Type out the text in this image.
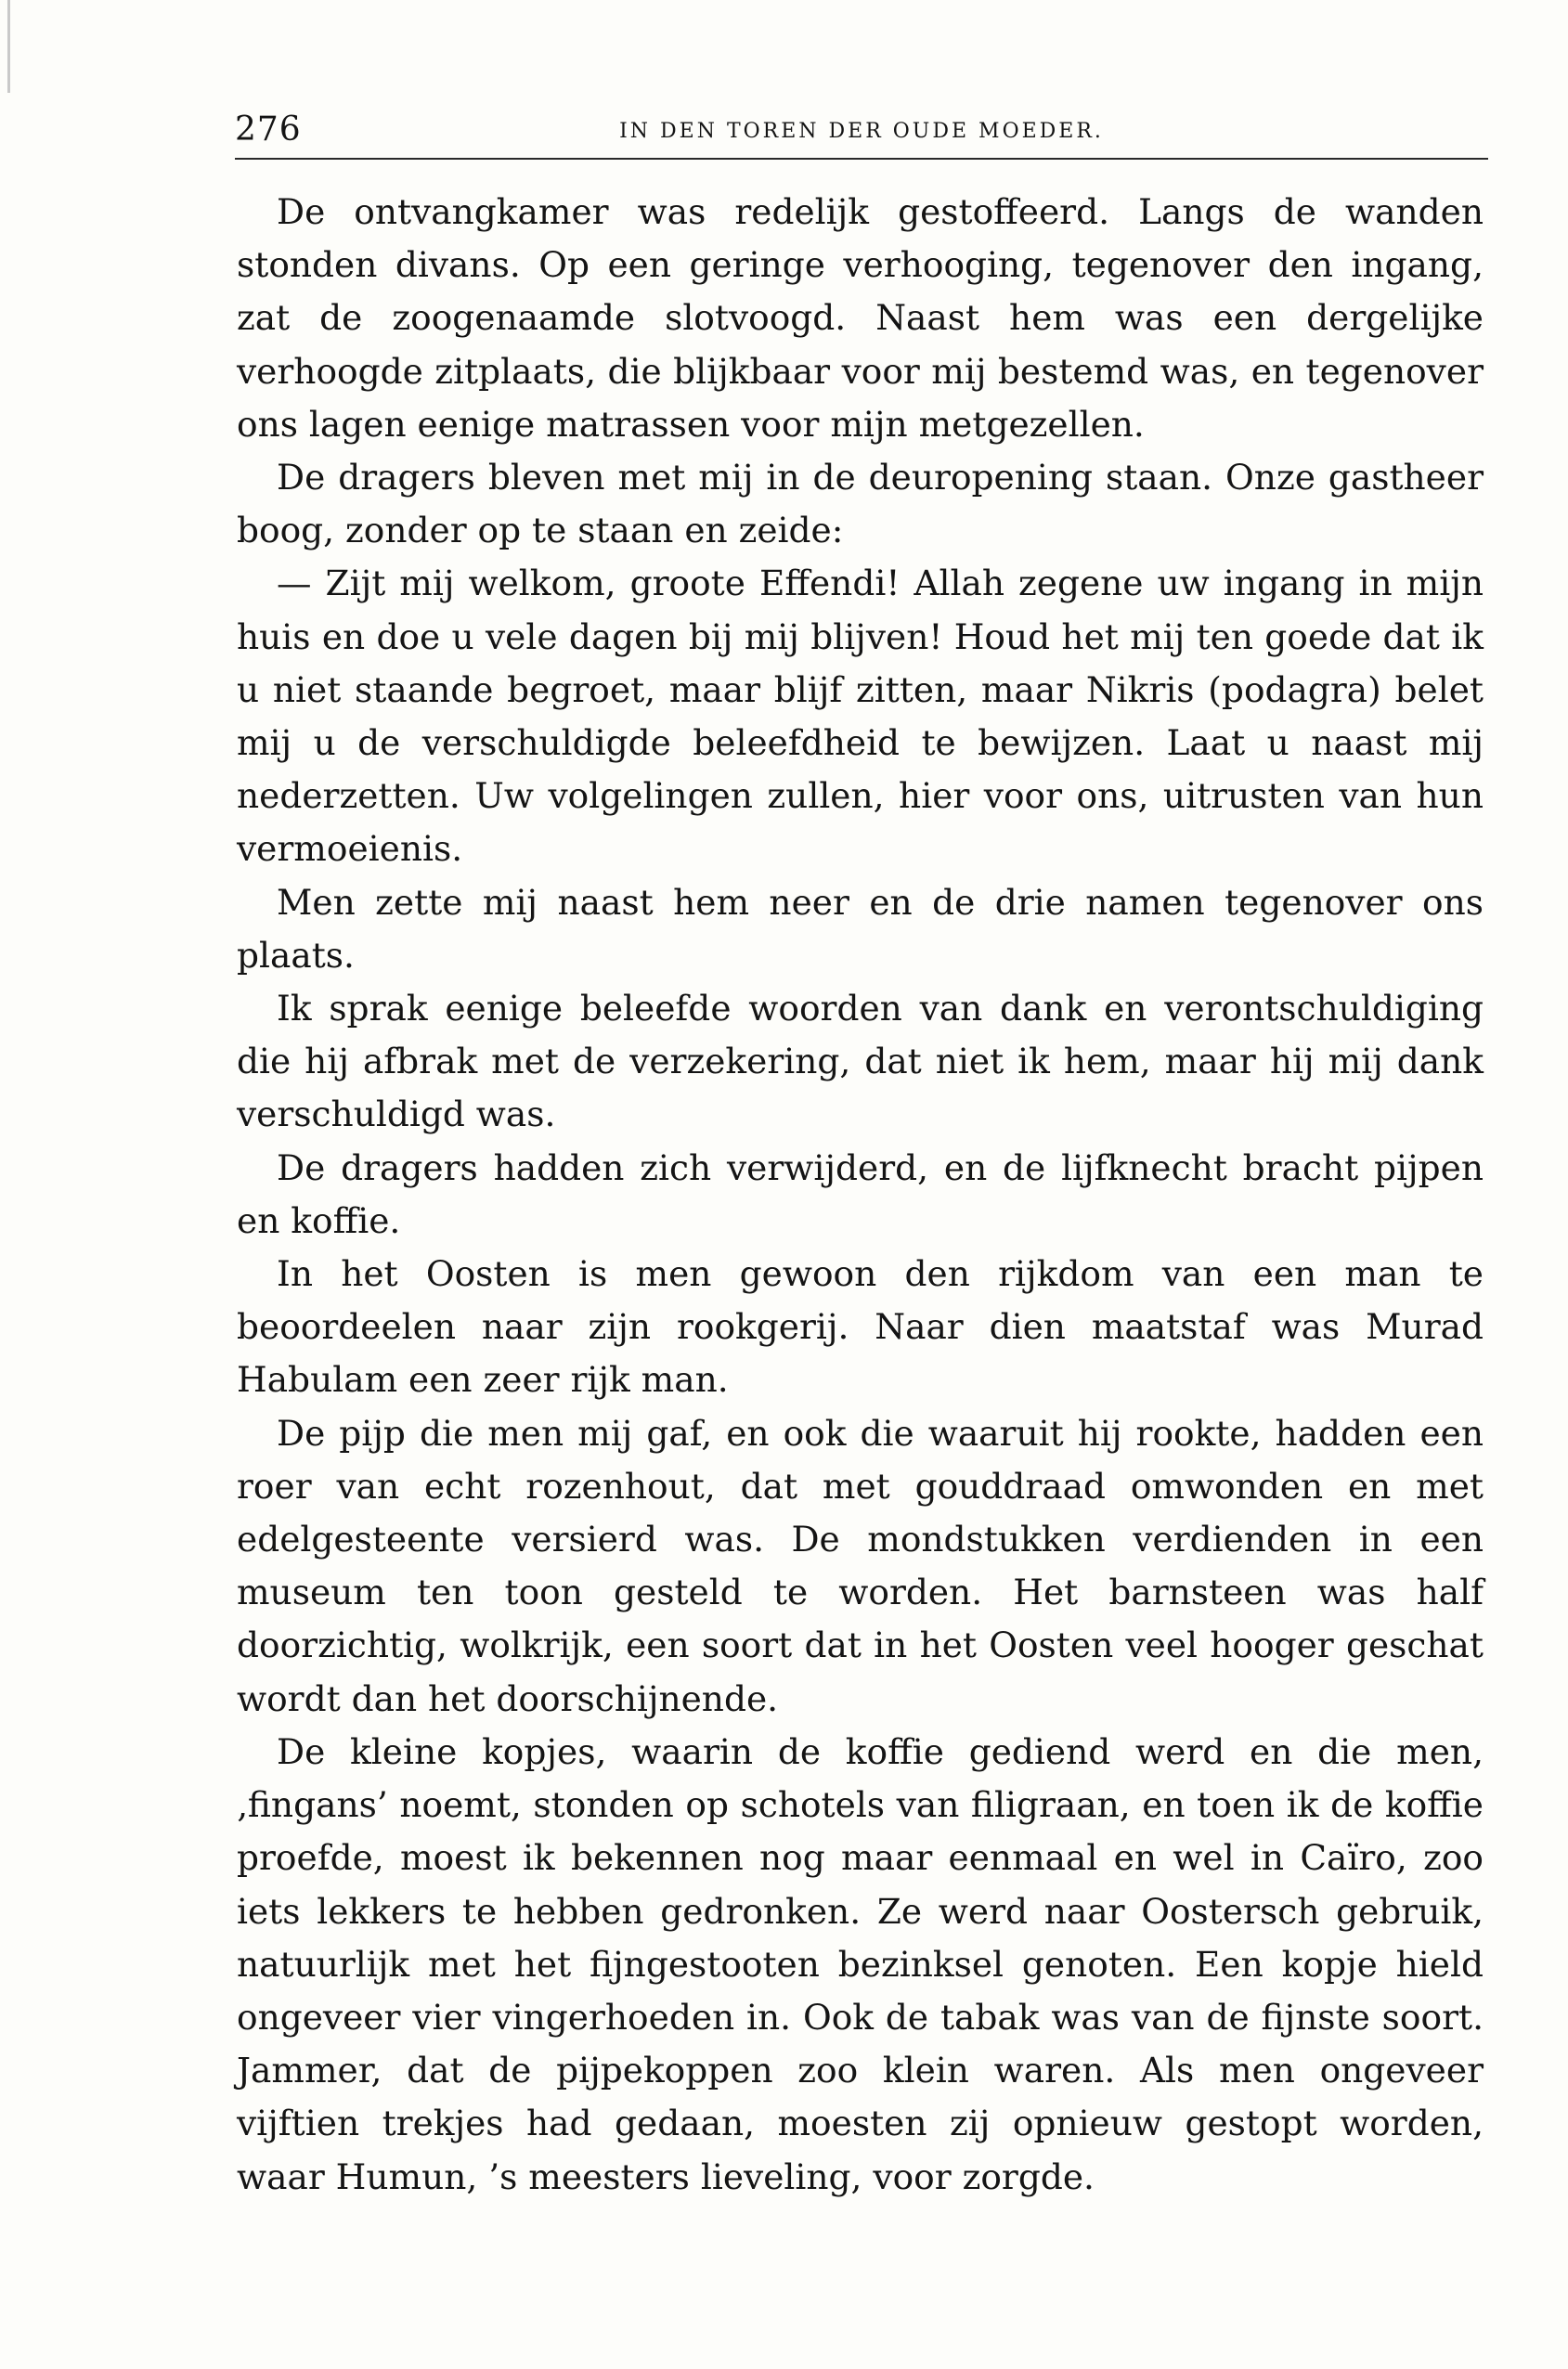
276	IN DEN TOREN DER OUDE MOEDER.

De ontvangkamer was redelijk gestoffeerd. Langs de wanden stonden divans. Op een geringe verhooging, tegenover den ingang, zat de zoogenaamde slotvoogd. Naast hem was een dergelijke verhoogde zitplaats, die blijkbaar voor mij bestemd was, en tegenover ons lagen eenige matrassen voor mijn metgezellen.

De dragers bleven met mij in de deuropening staan. Onze gastheer boog, zonder op te staan en zeide:

— Zijt mij welkom, groote Effendi! Allah zegene uw ingang in mijn huis en doe u vele dagen bij mij blijven! Houd het mij ten goede dat ik u niet staande begroet, maar blijf zitten, maar Nikris (podagra) belet mij u de verschuldigde beleefdheid te bewijzen. Laat u naast mij nederzetten. Uw volgelingen zullen, hier voor ons, uitrusten van hun vermoeienis.

Men zette mij naast hem neer en de drie namen tegenover ons plaats.

Ik sprak eenige beleefde woorden van dank en verontschuldiging die hij afbrak met de verzekering, dat niet ik hem, maar hij mij dank verschuldigd was.

De dragers hadden zich verwijderd, en de lijfknecht bracht pijpen en koffie.

In het Oosten is men gewoon den rijkdom van een man te beoordeelen naar zijn rookgerij. Naar dien maatstaf was Murad Habulam een zeer rijk man.

De pijp die men mij gaf, en ook die waaruit hij rookte, hadden een roer van echt rozenhout, dat met gouddraad omwonden en met edelgesteente versierd was. De mondstukken verdienden in een museum ten toon gesteld te worden. Het barnsteen was half doorzichtig, wolkrijk, een soort dat in het Oosten veel hooger geschat wordt dan het doorschijnende.

De kleine kopjes, waarin de koffie gediend werd en die men, ‚fingans’ noemt, stonden op schotels van filigraan, en toen ik de koffie proefde, moest ik bekennen nog maar eenmaal en wel in Caïro, zoo iets lekkers te hebben gedronken. Ze werd naar Oostersch gebruik, natuurlijk met het fijngestooten bezinksel genoten. Een kopje hield ongeveer vier vingerhoeden in. Ook de tabak was van de fijnste soort. Jammer, dat de pijpekoppen zoo klein waren. Als men ongeveer vijftien trekjes had gedaan, moesten zij opnieuw gestopt worden, waar Humun, ’s meesters lieveling, voor zorgde.
